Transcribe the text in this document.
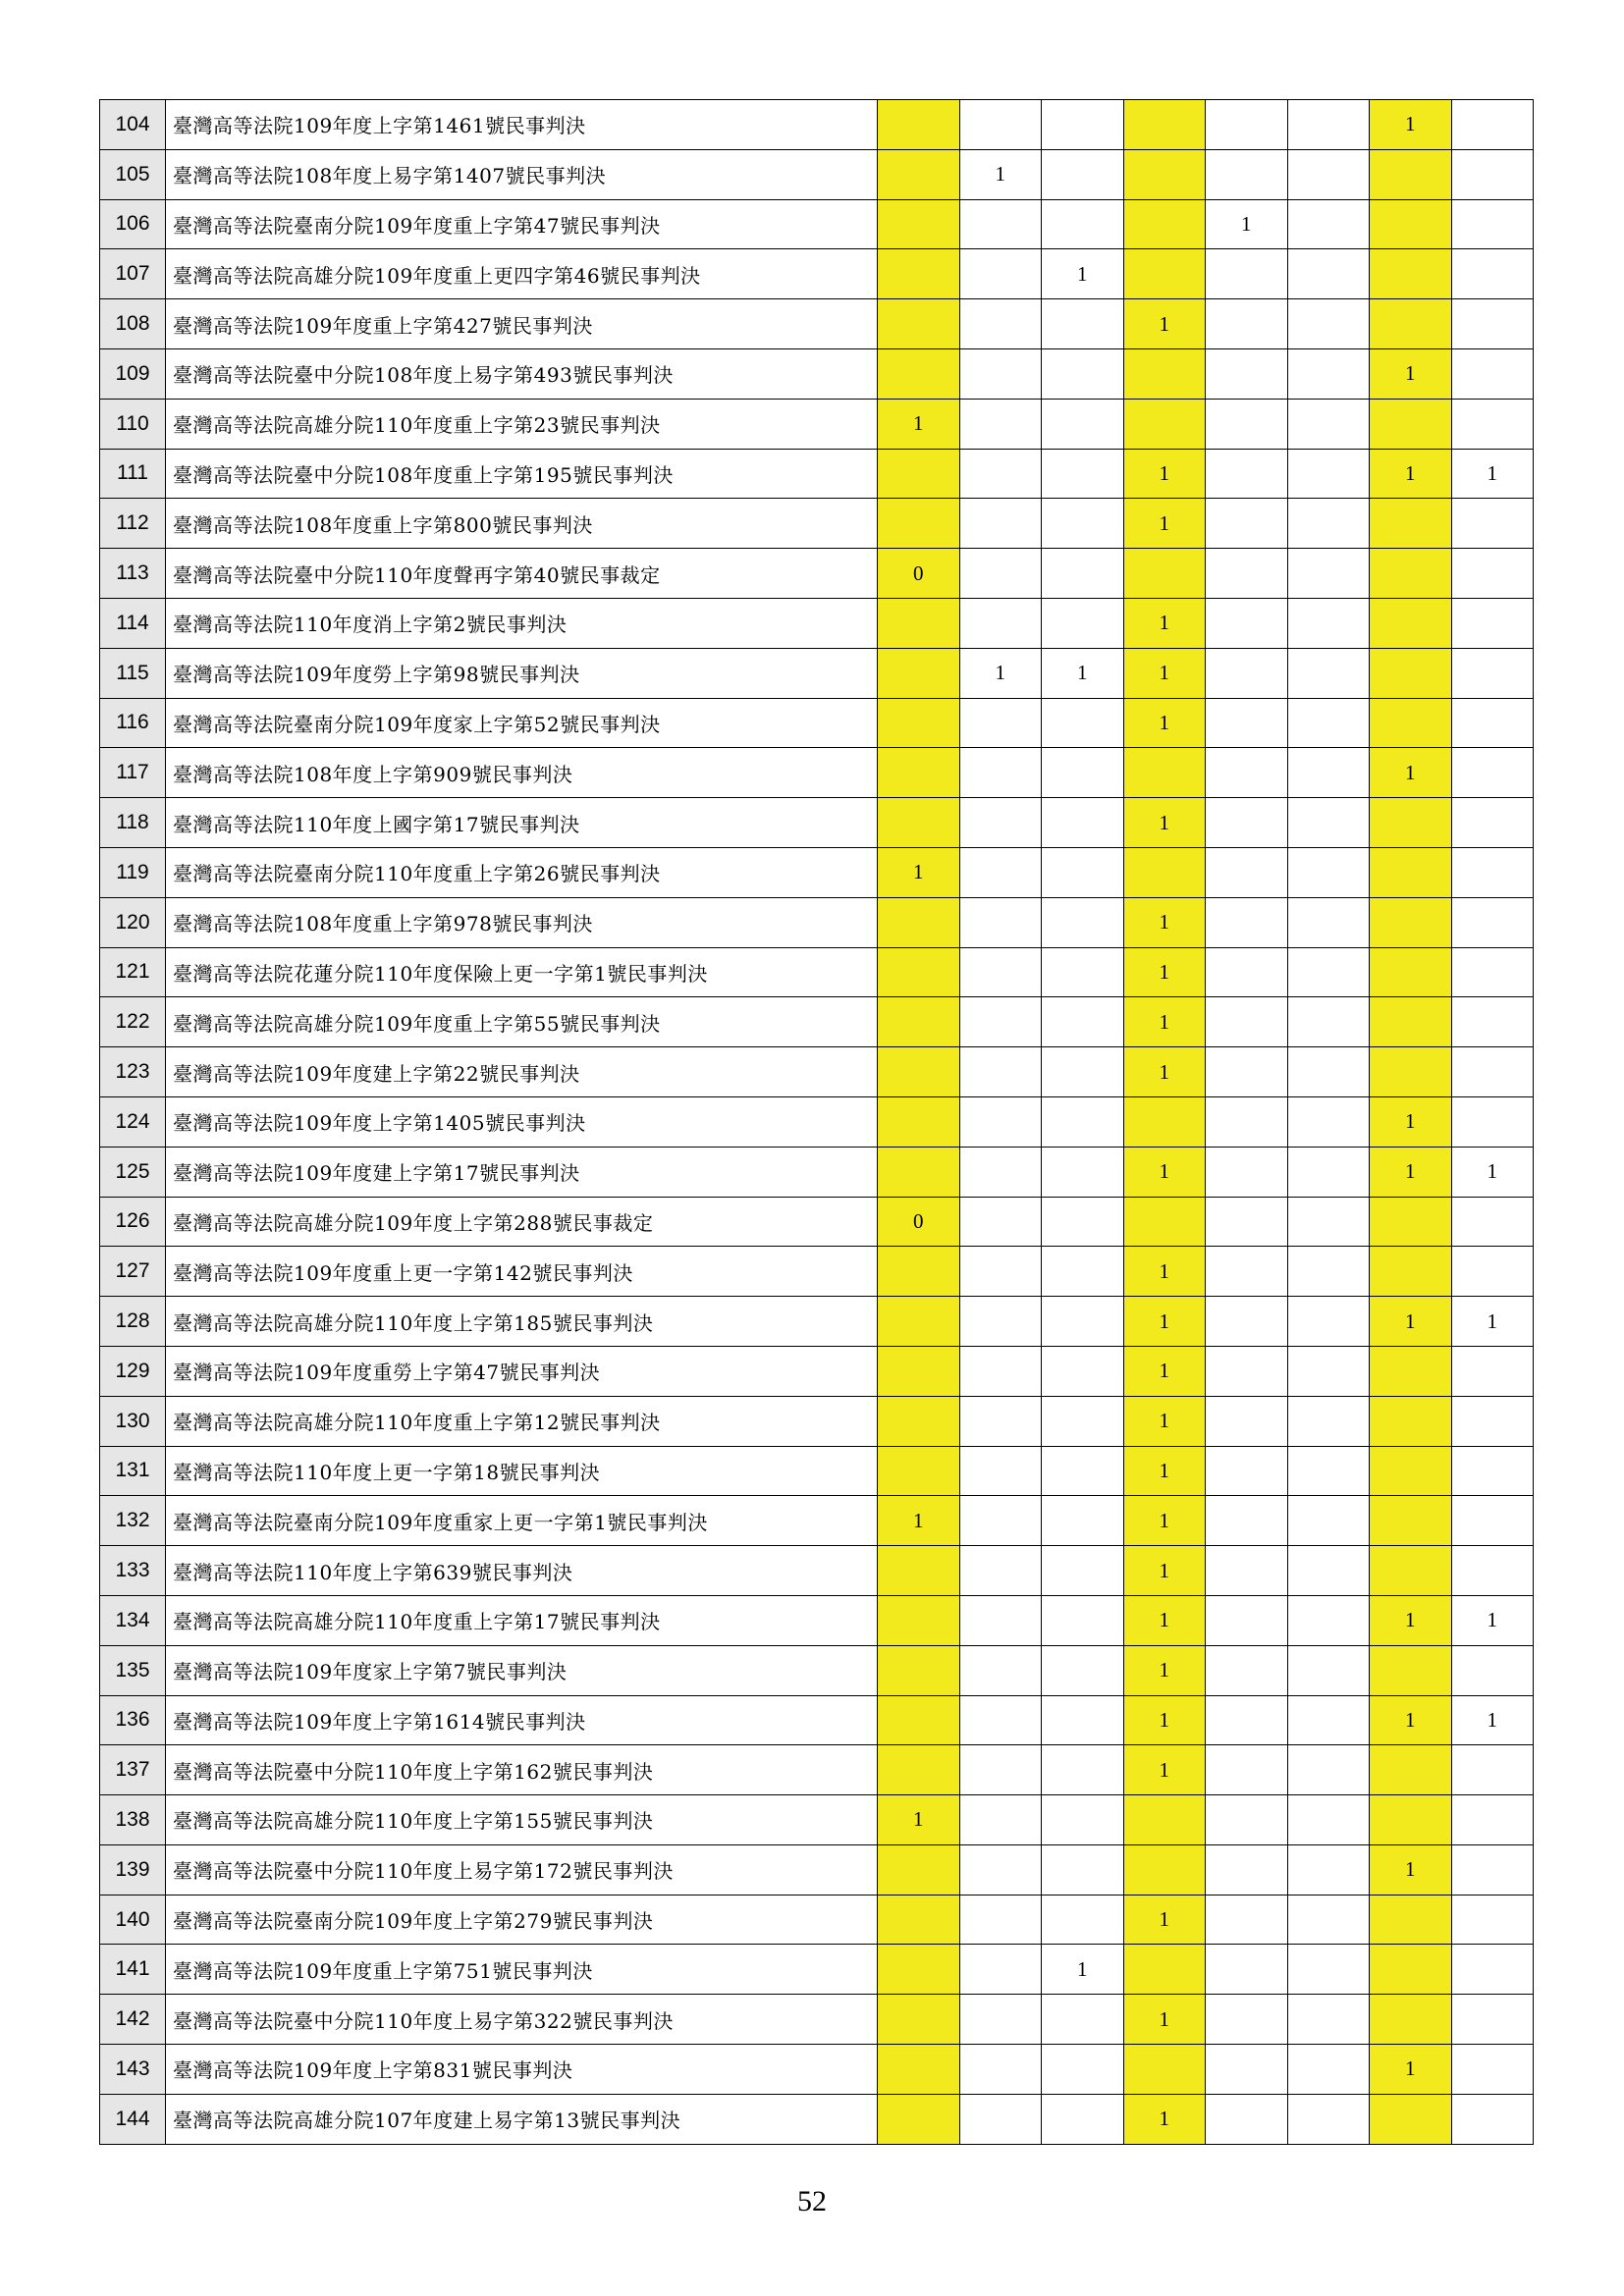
104	臺灣高等法院109年度上字第1461號民事判決							1	
105	臺灣高等法院108年度上易字第1407號民事判決		1						
106	臺灣高等法院臺南分院109年度重上字第47號民事判決					1			
107	臺灣高等法院高雄分院109年度重上更四字第46號民事判決			1					
108	臺灣高等法院109年度重上字第427號民事判決				1				
109	臺灣高等法院臺中分院108年度上易字第493號民事判決							1	
110	臺灣高等法院高雄分院110年度重上字第23號民事判決	1							
111	臺灣高等法院臺中分院108年度重上字第195號民事判決				1			1	1
112	臺灣高等法院108年度重上字第800號民事判決				1				
113	臺灣高等法院臺中分院110年度聲再字第40號民事裁定	0							
114	臺灣高等法院110年度消上字第2號民事判決				1				
115	臺灣高等法院109年度勞上字第98號民事判決		1	1	1				
116	臺灣高等法院臺南分院109年度家上字第52號民事判決				1				
117	臺灣高等法院108年度上字第909號民事判決							1	
118	臺灣高等法院110年度上國字第17號民事判決				1				
119	臺灣高等法院臺南分院110年度重上字第26號民事判決	1							
120	臺灣高等法院108年度重上字第978號民事判決				1				
121	臺灣高等法院花蓮分院110年度保險上更一字第1號民事判決				1				
122	臺灣高等法院高雄分院109年度重上字第55號民事判決				1				
123	臺灣高等法院109年度建上字第22號民事判決				1				
124	臺灣高等法院109年度上字第1405號民事判決							1	
125	臺灣高等法院109年度建上字第17號民事判決				1			1	1
126	臺灣高等法院高雄分院109年度上字第288號民事裁定	0							
127	臺灣高等法院109年度重上更一字第142號民事判決				1				
128	臺灣高等法院高雄分院110年度上字第185號民事判決				1			1	1
129	臺灣高等法院109年度重勞上字第47號民事判決				1				
130	臺灣高等法院高雄分院110年度重上字第12號民事判決				1				
131	臺灣高等法院110年度上更一字第18號民事判決				1				
132	臺灣高等法院臺南分院109年度重家上更一字第1號民事判決	1			1				
133	臺灣高等法院110年度上字第639號民事判決				1				
134	臺灣高等法院高雄分院110年度重上字第17號民事判決				1			1	1
135	臺灣高等法院109年度家上字第7號民事判決				1				
136	臺灣高等法院109年度上字第1614號民事判決				1			1	1
137	臺灣高等法院臺中分院110年度上字第162號民事判決				1				
138	臺灣高等法院高雄分院110年度上字第155號民事判決	1							
139	臺灣高等法院臺中分院110年度上易字第172號民事判決							1	
140	臺灣高等法院臺南分院109年度上字第279號民事判決				1				
141	臺灣高等法院109年度重上字第751號民事判決			1					
142	臺灣高等法院臺中分院110年度上易字第322號民事判決				1				
143	臺灣高等法院109年度上字第831號民事判決							1	
144	臺灣高等法院高雄分院107年度建上易字第13號民事判決				1				
52
